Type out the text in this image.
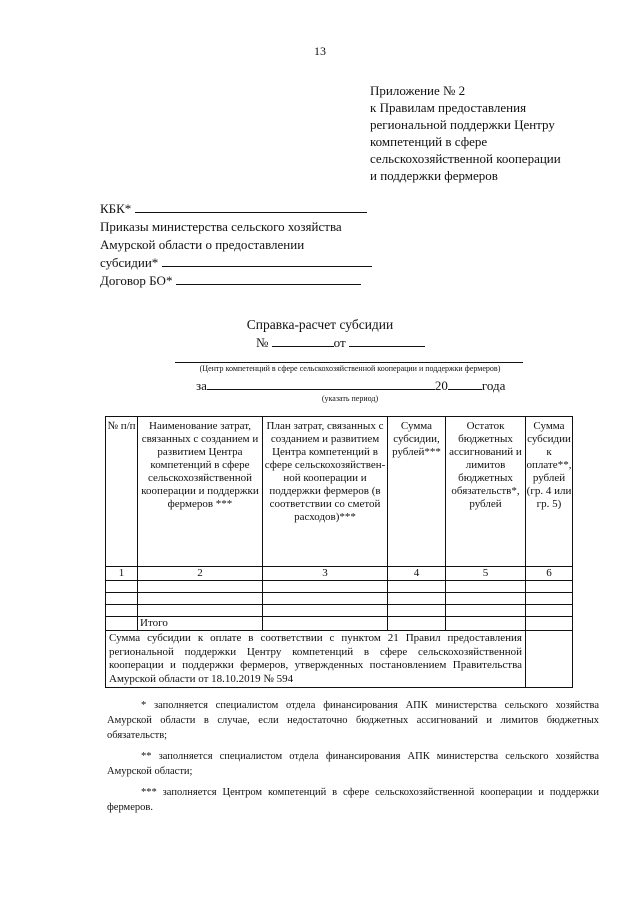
13
Приложение № 2
к Правилам предоставления
региональной поддержки Центру
компетенций в сфере
сельскохозяйственной кооперации
и поддержки фермеров
КБК*
Приказы министерства сельского хозяйства
Амурской области о предоставлении
субсидии*
Договор БО*
Справка-расчет субсидии
№	от
(Центр компетенций в сфере сельскохозяйственной кооперации и поддержки фермеров)
за	20	года
(указать период)
№ п/п	Наименование затрат, связанных с созданием и развитием Центра компетенций в сфере сельскохозяйственной кооперации и поддержки фермеров ***	План затрат, связанных с созданием и развитием Центра компетенций в сфере сельскохозяйствен-ной кооперации и поддержки фермеров (в соответствии со сметой расходов)***	Сумма субсидии, рублей***	Остаток бюджетных ассигнований и лимитов бюджетных обязательств*, рублей	Сумма субсидии к оплате**, рублей (гр. 4 или гр. 5)
1	2	3	4	5	6

	Итого				
Сумма субсидии к оплате в соответствии с пунктом 21 Правил предоставления региональной поддержки Центру компетенций в сфере сельскохозяйственной кооперации и поддержки фермеров, утвержденных постановлением Правительства Амурской области от 18.10.2019 № 594					

* заполняется специалистом отдела финансирования АПК министерства сельского хозяйства Амурской области в случае, если недостаточно бюджетных ассигнований и лимитов бюджетных обязательств;

** заполняется специалистом отдела финансирования АПК министерства сельского хозяйства Амурской области;

*** заполняется Центром компетенций в сфере сельскохозяйственной кооперации и поддержки фермеров.
